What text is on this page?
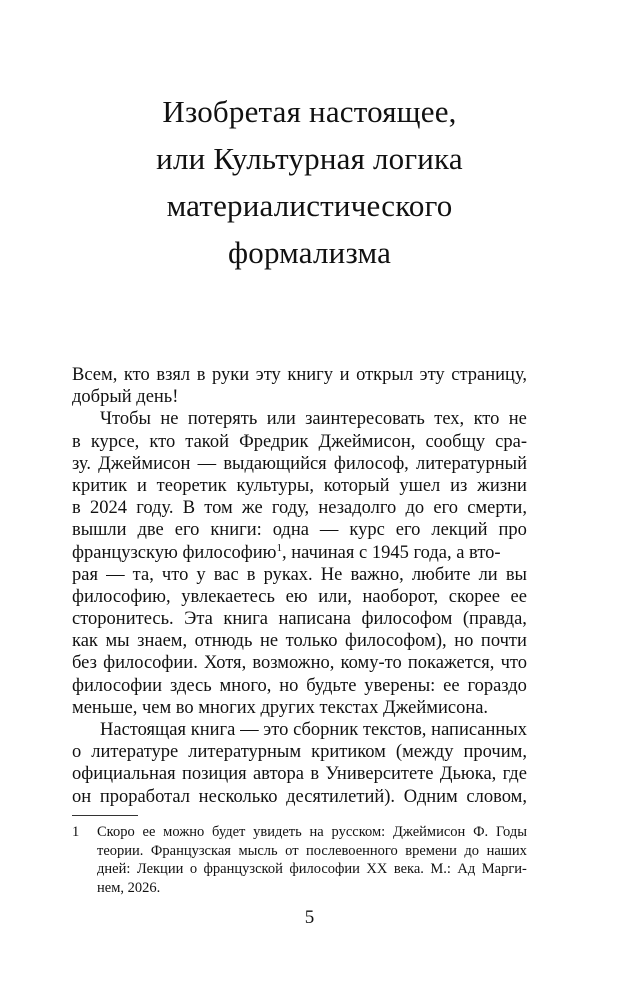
Изобретая настоящее,
или Культурная логика
материалистического
формализма
Всем, кто взял в руки эту книгу и открыл эту страницу,
добрый день!
Чтобы не потерять или заинтересовать тех, кто не
в курсе, кто такой Фредрик Джеймисон, сообщу сра-
зу. Джеймисон — выдающийся философ, литературный
критик и теоретик культуры, который ушел из жизни
в 2024 году. В том же году, незадолго до его смерти,
вышли две его книги: одна — курс его лекций про
французскую философию$^1$, начиная с 1945 года, а вто-
рая — та, что у вас в руках. Не важно, любите ли вы
философию, увлекаетесь ею или, наоборот, скорее ее
сторонитесь. Эта книга написана философом (правда,
как мы знаем, отнюдь не только философом), но почти
без философии. Хотя, возможно, кому-то покажется, что
философии здесь много, но будьте уверены: ее гораздо
меньше, чем во многих других текстах Джеймисона.
Настоящая книга — это сборник текстов, написанных
о литературе литературным критиком (между прочим,
официальная позиция автора в Университете Дьюка, где
он проработал несколько десятилетий). Одним словом,
1 Скоро ее можно будет увидеть на русском: Джеймисон Ф. Годы
теории. Французская мысль от послевоенного времени до наших
дней: Лекции о французской философии XX века. М.: Ад Марги-
нем, 2026.
5
